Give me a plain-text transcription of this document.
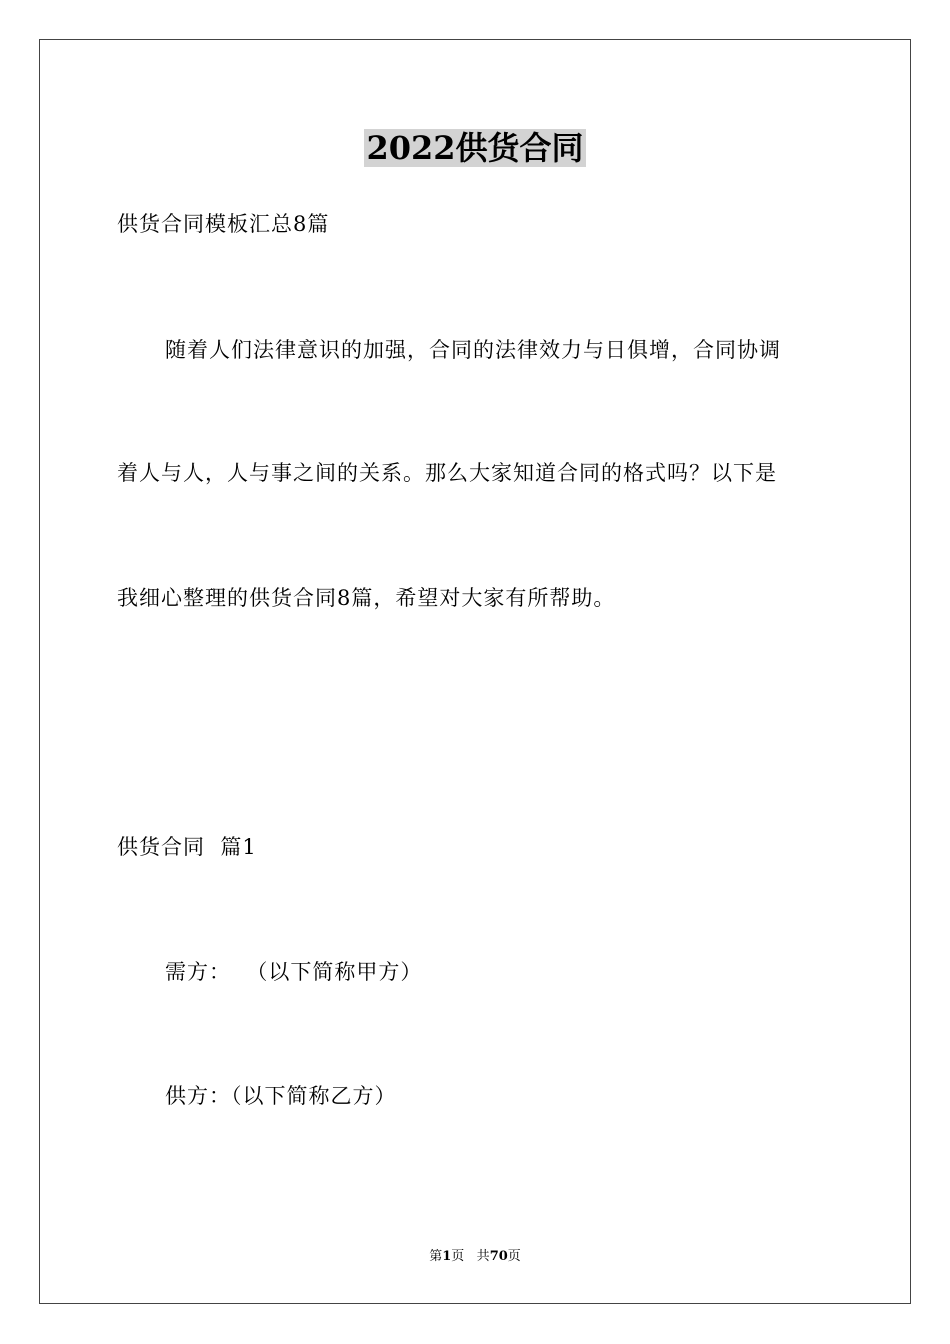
2022供货合同
供货合同模板汇总8篇
随着人们法律意识的加强，合同的法律效力与日俱增，合同协调
着人与人，人与事之间的关系。那么大家知道合同的格式吗？以下是
我细心整理的供货合同8篇，希望对大家有所帮助。
供货合同  篇1
需方：  （以下简称甲方）
供方：（以下简称乙方）
第1页 共70页
